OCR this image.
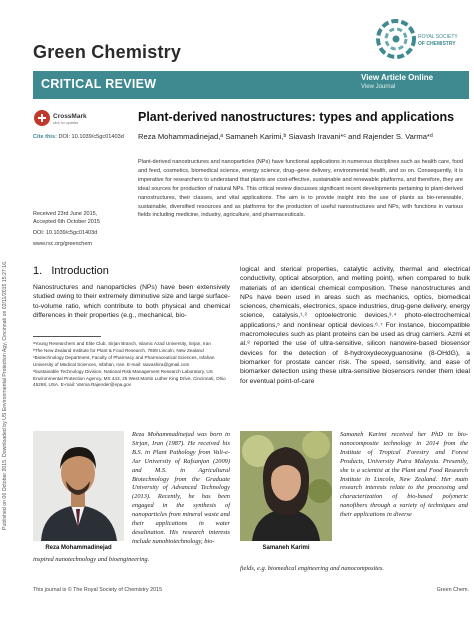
Published on 06 October 2015. Downloaded by US Environmental Protection Agy, Cincinnati on 02/11/2015 15:27:16.
Green Chemistry
ROYAL SOCIETY
OF CHEMISTRY
CRITICAL REVIEW	View Article Online
View Journal
CrossMark
click for updates
Cite this: DOI: 10.1039/c5gc01403d
Plant-derived nanostructures: types and applications
Reza Mohammadinejad,ᵃ Samaneh Karimi,ᵇ Siavash Iravani*ᶜ and Rajender S. Varma*ᵈ
Plant-derived nanostructures and nanoparticles (NPs) have functional applications in numerous disciplines such as health care, food and feed, cosmetics, biomedical science, energy science, drug–gene delivery, environmental health, and so on. Consequently, it is imperative for researchers to understand that plants are cost-effective, sustainable and renewable platforms, and therefore, they are ideal sources for production of natural NPs. This critical review discusses significant recent developments pertaining to plant-derived nanostructures, their classes, and vital applications. The aim is to provide insight into the use of plants as bio-renewable, sustainable, diversified resources and as platforms for the production of useful nanostructures and NPs, with functions in various fields including medicine, industry, agriculture, and pharmaceuticals.
Received 23rd June 2015,
Accepted 6th October 2015
DOI: 10.1039/c5gc01403d
www.rsc.org/greenchem
1. Introduction
Nanostructures and nanoparticles (NPs) have been extensively studied owing to their extremely diminutive size and large surface-to-volume ratio, which contribute to both physical and chemical differences in their properties (e.g., mechanical, bio-
ᵃYoung Researchers and Elite Club, Sirjan Branch, Islamic Azad University, Sirjan, Iran
ᵇThe New Zealand Institute for Plant & Food Research, 7608 Lincoln, New Zealand
ᶜBiotechnology Department, Faculty of Pharmacy and Pharmaceutical Sciences, Isfahan University of Medical Sciences, Isfahan, Iran. E-mail: siavashira@gmail.com
ᵈSustainable Technology Division, National Risk Management Research Laboratory, US Environmental Protection Agency, MS 443, 26 West Martin Luther King Drive, Cincinnati, Ohio 45268, USA. E-mail: Varma.Rajender@epa.gov
logical and sterical properties, catalytic activity, thermal and electrical conductivity, optical absorption, and melting point), when compared to bulk materials of an identical chemical composition. These nanostructures and NPs have been used in areas such as mechanics, optics, biomedical sciences, chemicals, electronics, space industries, drug-gene delivery, energy science, catalysis,¹˒² optoelectronic devices,³˒⁴ photo-electrochemical applications,⁵ and nonlinear optical devices.⁶˒⁷ For instance, biocompatible macromolecules such as plant proteins can be used as drug carriers. Azmi et al.⁸ reported the use of ultra-sensitive, silicon nanowire-based biosensor devices for the detection of 8-hydroxydeoxyguanosine (8-OHdG), a biomarker for prostate cancer risk. The speed, sensitivity, and ease of biomarker detection using these ultra-sensitive biosensors render them ideal for eventual point-of-care
Reza Mohammadinejad
Reza Mohammadinejad was born in Sirjan, Iran (1987). He received his B.S. in Plant Pathology from Vali-e-Asr University of Rafsanjan (2009) and M.S. in Agricultural Biotechnology from the Graduate University of Advanced Technology (2013). Recently, he has been engaged in the synthesis of nanoparticles from mineral waste and their applications in water desalination. His research interests include nanobiotechnology, bio-
inspired nanotechnology and bioengineering.
Samaneh Karimi
Samaneh Karimi received her PhD in bio-nanocomposite technology in 2014 from the Institute of Tropical Forestry and Forest Products, University Putra Malaysia. Presently, she is a scientist at the Plant and Food Research Institute in Lincoln, New Zealand. Her main research interests relate to the processing and characterization of bio-based polymeric nanofibers through a variety of techniques and their applications in diverse
fields, e.g. biomedical engineering and nanocomposites.
This journal is © The Royal Society of Chemistry 2015	Green Chem.
